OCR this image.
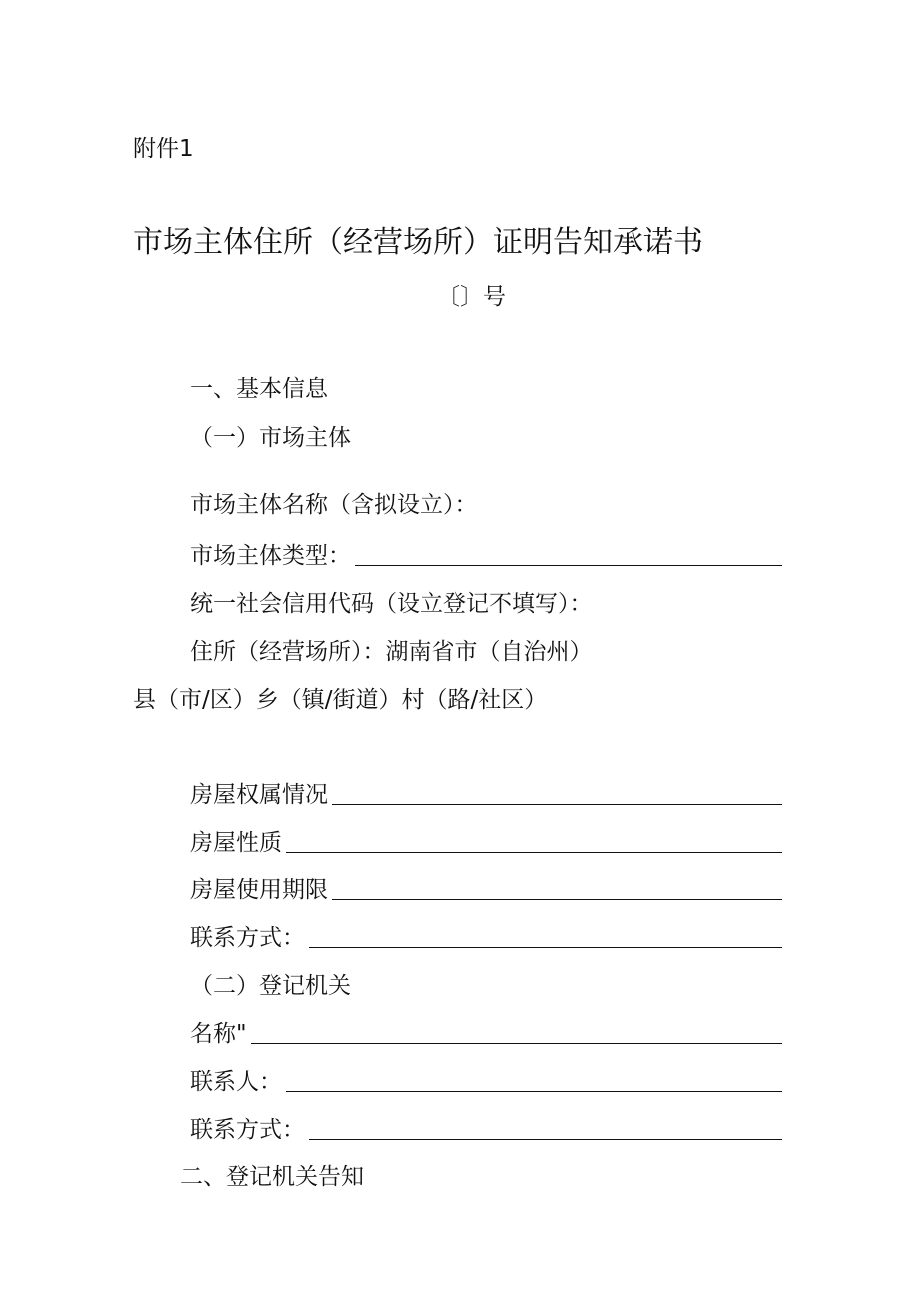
附件1
市场主体住所（经营场所）证明告知承诺书
〔〕号
一、基本信息
（一）市场主体
市场主体名称（含拟设立）：
市场主体类型：
统一社会信用代码（设立登记不填写）：
住所（经营场所）：湖南省市（自治州）
县（市/区）乡（镇/街道）村（路/社区）
房屋权属情况
房屋性质
房屋使用期限
联系方式：
（二）登记机关
名称"
联系人：
联系方式：
二、登记机关告知
